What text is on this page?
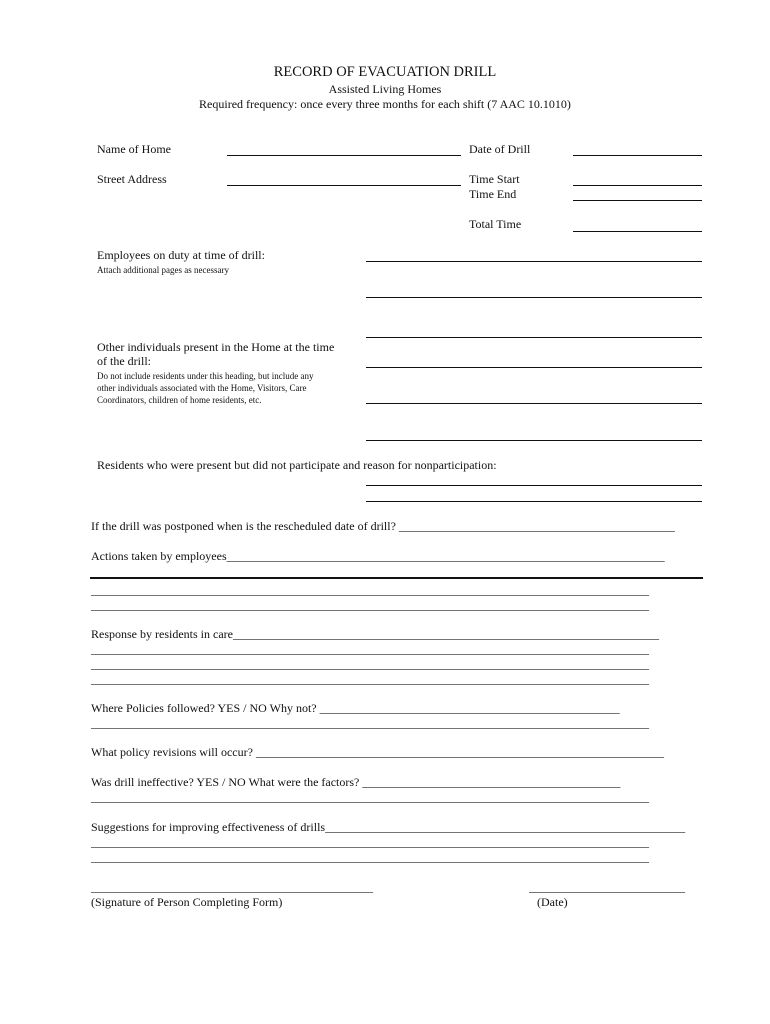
RECORD OF EVACUATION DRILL
Assisted Living Homes
Required frequency: once every three months for each shift (7 AAC 10.1010)
Name of Home	Date of Drill
Street Address	Time Start
Time End
Total Time
Employees on duty at time of drill:
Attach additional pages as necessary
Other individuals present in the Home at the time
of the drill:
Do not include residents under this heading, but include any
other individuals associated with the Home, Visitors, Care
Coordinators, children of home residents, etc.
Residents who were present but did not participate and reason for nonparticipation:
If the drill was postponed when is the rescheduled date of drill? ______________________________________________
Actions taken by employees_________________________________________________________________________
_____________________________________________________________________________________________
_____________________________________________________________________________________________
Response by residents in care_______________________________________________________________________
_____________________________________________________________________________________________
_____________________________________________________________________________________________
_____________________________________________________________________________________________
Where Policies followed? YES / NO Why not? __________________________________________________
_____________________________________________________________________________________________
What policy revisions will occur? ____________________________________________________________________
Was drill ineffective? YES / NO What were the factors? ___________________________________________
_____________________________________________________________________________________________
Suggestions for improving effectiveness of drills____________________________________________________________
_____________________________________________________________________________________________
_____________________________________________________________________________________________
_______________________________________________
(Signature of Person Completing Form)
__________________________
(Date)
